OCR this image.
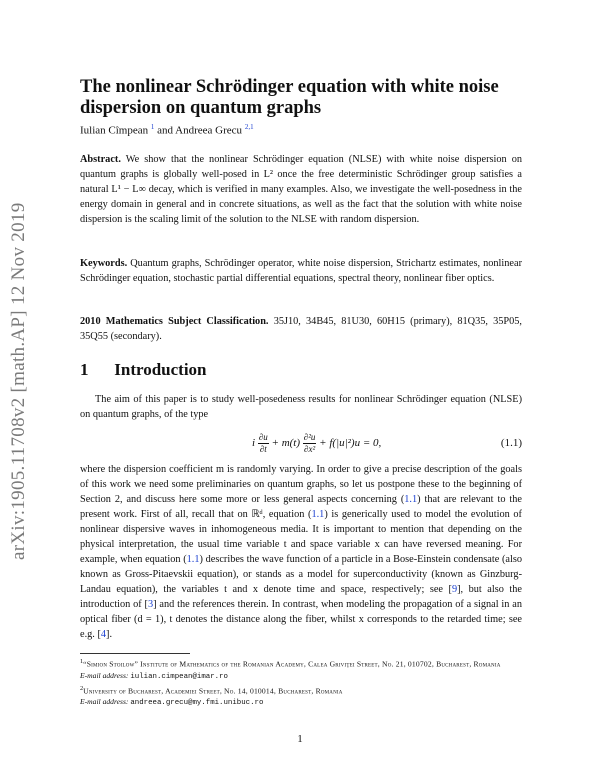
arXiv:1905.11708v2 [math.AP] 12 Nov 2019
The nonlinear Schrödinger equation with white noise dispersion on quantum graphs
Iulian Cîmpean $^1$ and Andreea Grecu $^{2,1}$
Abstract. We show that the nonlinear Schrödinger equation (NLSE) with white noise dispersion on quantum graphs is globally well-posed in L² once the free deterministic Schrödinger group satisfies a natural L¹ − L∞ decay, which is verified in many examples. Also, we investigate the well-posedness in the energy domain in general and in concrete situations, as well as the fact that the solution with white noise dispersion is the scaling limit of the solution to the NLSE with random dispersion.
Keywords. Quantum graphs, Schrödinger operator, white noise dispersion, Strichartz estimates, nonlinear Schrödinger equation, stochastic partial differential equations, spectral theory, nonlinear fiber optics.
2010 Mathematics Subject Classification. 35J10, 34B45, 81U30, 60H15 (primary), 81Q35, 35P05, 35Q55 (secondary).
1 Introduction
The aim of this paper is to study well-posedeness results for nonlinear Schrödinger equation (NLSE) on quantum graphs, of the type
i $\frac{\partial u}{\partial t} + m(t) \frac{\text{∂²u}}{\text{∂x²}} + f(|u|^2)u = 0$,	(1.1)
where the dispersion coefficient m is randomly varying. In order to give a precise description of the goals of this work we need some preliminaries on quantum graphs, so let us postpone these to the beginning of Section 2, and discuss here some more or less general aspects concerning (1.1) that are relevant to the present work. First of all, recall that on ℝᵈ, equation (1.1) is generically used to model the evolution of nonlinear dispersive waves in inhomogeneous media. It is important to mention that depending on the physical interpretation, the usual time variable t and space variable x can have reversed meaning. For example, when equation (1.1) describes the wave function of a particle in a Bose-Einstein condensate (also known as Gross-Pitaevskii equation), or stands as a model for superconductivity (known as Ginzburg-Landau equation), the variables t and x denote time and space, respectively; see [9], but also the introduction of [3] and the references therein. In contrast, when modeling the propagation of a signal in an optical fiber (d = 1), t denotes the distance along the fiber, whilst x corresponds to the retarded time; see e.g. [4].
$^1$“Simion Stoilow” Institute of Mathematics of the Romanian Academy, Calea Griviţei Street, No. 21, 010702, Bucharest, Romania
E-mail address: iulian.cimpean@imar.ro
$^2$University of Bucharest, Academiei Street, No. 14, 010014, Bucharest, Romania
E-mail address: andreea.grecu@my.fmi.unibuc.ro
1
